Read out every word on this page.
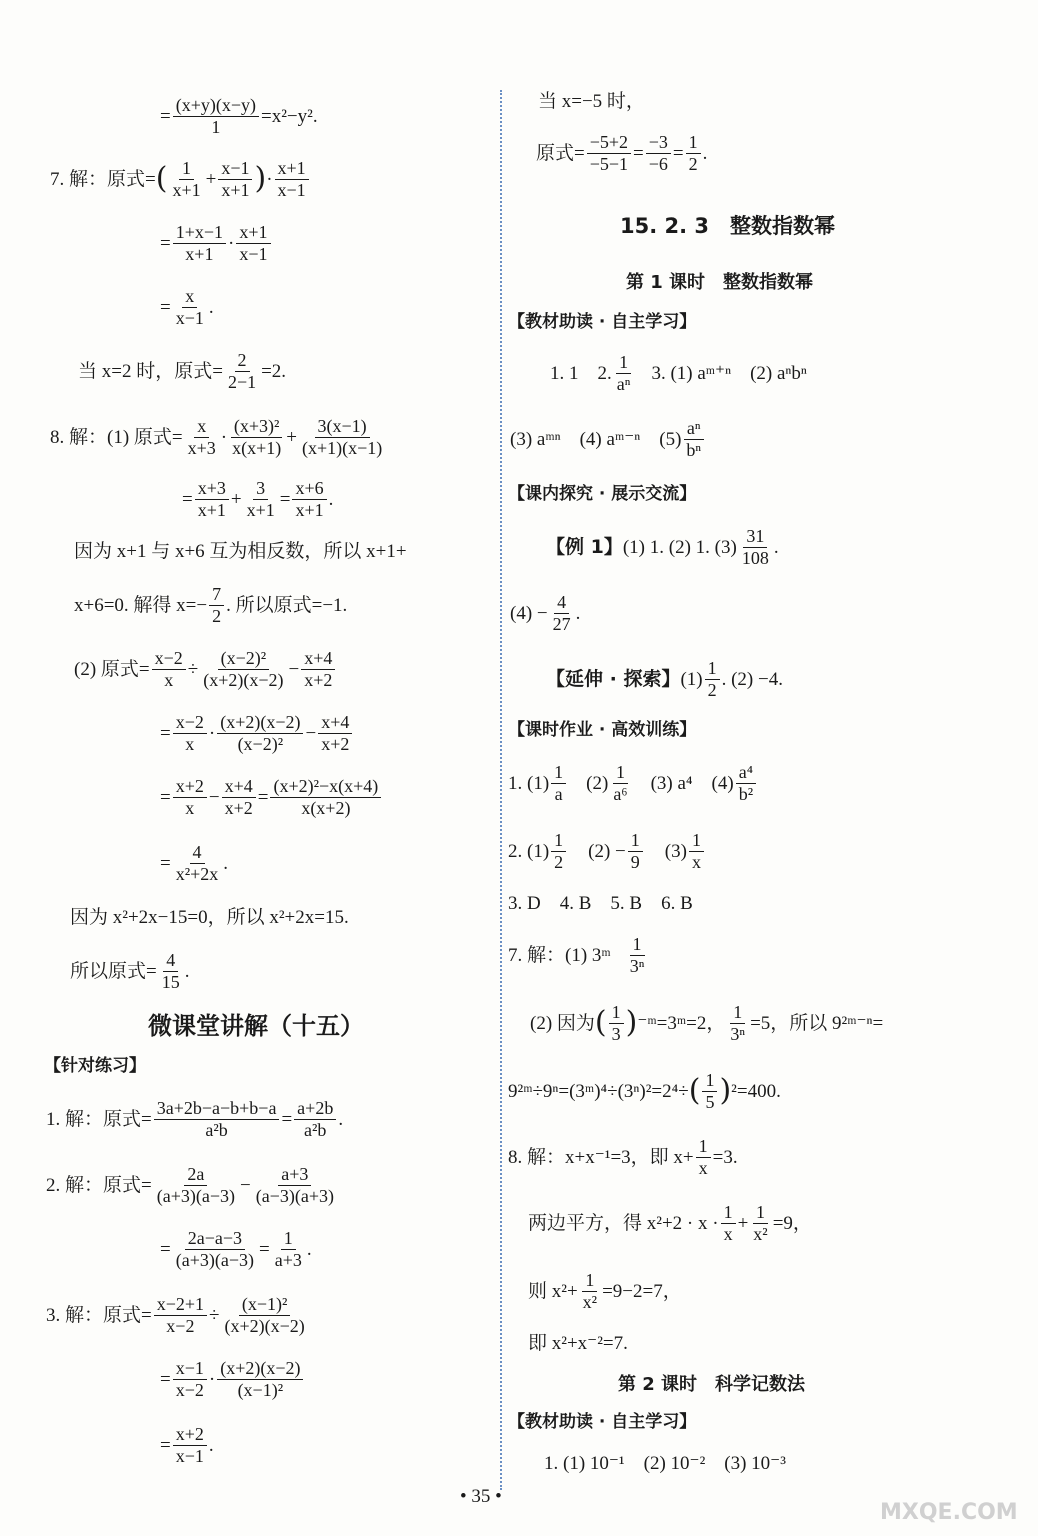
= $\frac{(x+y)(x-y)}{1} =x^2-y^2$.
7. 解：原式= ( $\frac{1}{x+1} + \frac{x-1}{x+1}$ ) · $\frac{x+1}{x-1}$
= $\frac{1+x-1}{x+1} \cdot \frac{x+1}{x-1}$
= $\frac{x}{x-1}$ .
当 x=2 时，原式= $\frac{2}{2-1} =2$.
8. 解：(1) 原式= $\frac{x}{x+3} \cdot \frac{\text{(x+3)²}}{x(x+1)} + \frac{3(x-1)}{(x+1)(x-1)}$
= $\frac{x+3}{x+1} + \frac{3}{x+1} = \frac{x+6}{x+1}$ .
因为 x+1 与 x+6 互为相反数，所以 x+1+
x+6=0. 解得 $x=- \frac{7}{2}$ . 所以原式=−1.
(2) 原式= $\frac{x-2}{x} \div \frac{\text{(x−2)²}}{(x+2)(x-2)} - \frac{x+4}{x+2}$
= $\frac{x-2}{x} \cdot \frac{(x+2)(x-2)}{\text{(x−2)²}} - \frac{x+4}{x+2}$
= $\frac{x+2}{x} - \frac{x+4}{x+2} = \frac{\text{(x+2)²−x(x+4)}}{x(x+2)}$
= $\frac{4}{\text{x²+2x}}$ .
因为 x²+2x−15=0，所以 x²+2x=15.
所以原式= $\frac{4}{15}$ .
微课堂讲解（十五）
【针对练习】
1. 解：原式= $\frac{3a+2b-a-b+b-a}{\text{a²b}} = \frac{a+2b}{\text{a²b}}$ .
2. 解：原式= $\frac{2a}{(a+3)(a-3)} - \frac{a+3}{(a-3)(a+3)}$
= $\frac{2a-a-3}{(a+3)(a-3)} = \frac{1}{a+3}$ .
3. 解：原式= $\frac{x-2+1}{x-2} \div \frac{\text{(x−1)²}}{(x+2)(x-2)}$
= $\frac{x-1}{x-2} \cdot \frac{(x+2)(x-2)}{\text{(x−1)²}}$
= $\frac{x+2}{x-1}$ .
当 x=−5 时，
原式= $\frac{-5+2}{-5-1} = \frac{-3}{-6} = \frac{1}{2}$ .
15. 2. 3　整数指数幂
第 1 课时　整数指数幂
【教材助读 · 自主学习】
1. 1　2. $\frac{1}{\text{aⁿ}} 3$. (1) aᵐ⁺ⁿ　(2) aⁿbⁿ
(3) aᵐⁿ　(4) aᵐ⁻ⁿ　$(5) \frac{\text{aⁿ}}{\text{bⁿ}}$
【课内探究 · 展示交流】
【例 1】 (1) 1. (2) 1. $(3) \frac{31}{108}$ .
$(4) - \frac{4}{27}$ .
【延伸 · 探索】 $(1) \frac{1}{2}$ . (2) −4.
【课时作业 · 高效训练】
1. $(1) \frac{1}{a} (2) \frac{1}{\text{a⁶}} (3)$ a⁴　$(4) \frac{\text{a⁴}}{\text{b²}}$
2. $(1) \frac{1}{2} (2) - \frac{1}{9} (3) \frac{1}{x}$
3. D　4. B　5. B　6. B
7. 解：(1) 3ᵐ $\frac{1}{\text{3ⁿ}}$
(2) 因为 ( $\frac{1}{3}$ ) ⁻ᵐ=3ᵐ=2， $\frac{1}{\text{3ⁿ}} =5$，所以 9²ᵐ⁻ⁿ=
9²ᵐ÷9ⁿ=(3ᵐ)⁴÷(3ⁿ)²=2⁴÷ ( $\frac{1}{5}$ ) ²=400.
8. 解：x+x⁻¹=3，即 $x+ \frac{1}{x} =3$.
两边平方，得 $x^2+2 \cdot x \cdot \frac{1}{x} + \frac{1}{\text{x²}} =9$，
则 $x^2+ \frac{1}{\text{x²}} =9-2=7$，
即 x²+x⁻²=7.
第 2 课时　科学记数法
【教材助读 · 自主学习】
1. (1) 10⁻¹　(2) 10⁻²　(3) 10⁻³
• 35 •
MXQE.COM
